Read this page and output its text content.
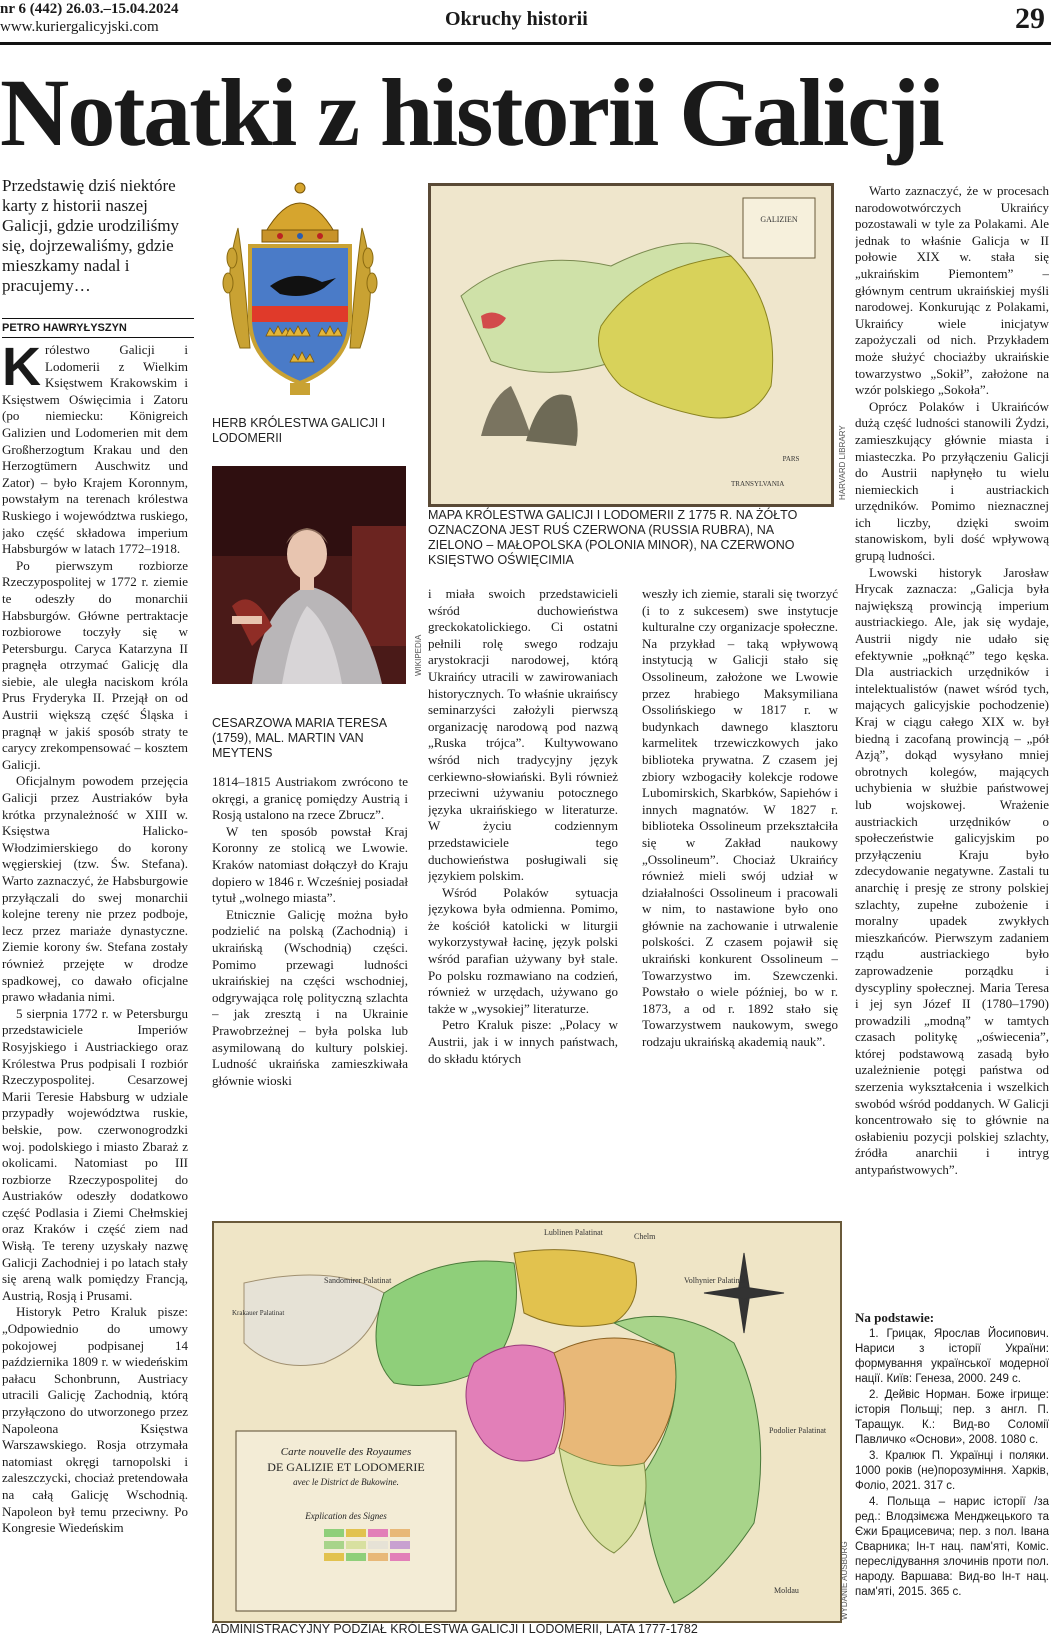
nr 6 (442) 26.03.–15.04.2024
www.kuriergalicyjski.com	Okruchy historii	29
Notatki z historii Galicji
Przedstawię dziś niektóre karty z historii naszej Galicji, gdzie urodziliśmy się, dojrzewaliśmy, gdzie mieszkamy nadal i pracujemy…
PETRO HAWRYŁYSZYN

Królestwo Galicji i Lodomerii z Wielkim Księstwem Krakowskim i Księstwem Oświęcimia i Zatoru (po niemiecku: Königreich Galizien und Lodomerien mit dem Großherzogtum Krakau und den Herzogtümern Auschwitz und Zator) – było Krajem Koronnym, powstałym na terenach królestwa Ruskiego i województwa ruskiego, jako część składowa imperium Habsburgów w latach 1772–1918.

Po pierwszym rozbiorze Rzeczypospolitej w 1772 r. ziemie te odeszły do monarchii Habsburgów. Główne pertraktacje rozbiorowe toczyły się w Petersburgu. Caryca Katarzyna II pragnęła otrzymać Galicję dla siebie, ale uległa naciskom króla Prus Fryderyka II. Przejął on od Austrii większą część Śląska i pragnął w jakiś sposób straty te carycy zrekompensować – kosztem Galicji.

Oficjalnym powodem przejęcia Galicji przez Austriaków była krótka przynależność w XIII w. Księstwa Halicko-Włodzimierskiego do korony węgierskiej (tzw. Św. Stefana). Warto zaznaczyć, że Habsburgowie przyłączali do swej monarchii kolejne tereny nie przez podboje, lecz przez mariaże dynastyczne. Ziemie korony św. Stefana zostały również przejęte w drodze spadkowej, co dawało oficjalne prawo władania nimi.

5 sierpnia 1772 r. w Petersburgu przedstawiciele Imperiów Rosyjskiego i Austriackiego oraz Królestwa Prus podpisali I rozbiór Rzeczypospolitej. Cesarzowej Marii Teresie Habsburg w udziale przypadły województwa ruskie, bełskie, pow. czerwonogrodzki woj. podolskiego i miasto Zbaraż z okolicami. Natomiast po III rozbiorze Rzeczypospolitej do Austriaków odeszły dodatkowo część Podlasia i Ziemi Chełmskiej oraz Kraków i część ziem nad Wisłą. Te tereny uzyskały nazwę Galicji Zachodniej i po latach stały się areną walk pomiędzy Francją, Austrią, Rosją i Prusami.

Historyk Petro Kraluk pisze: „Odpowiednio do umowy pokojowej podpisanej 14 października 1809 r. w wiedeńskim pałacu Schonbrunn, Austriacy utracili Galicję Zachodnią, którą przyłączono do utworzonego przez Napoleona Księstwa Warszawskiego. Rosja otrzymała natomiast okręgi tarnopolski i zaleszczycki, chociaż pretendowała na całą Galicję Wschodnią. Napoleon był temu przeciwny. Po Kongresie Wiedeńskim

HERB KRÓLESTWA GALICJI I LODOMERII
WIKIPEDIA
CESARZOWA MARIA TERESA (1759), MAL. MARTIN VAN MEYTENS

1814–1815 Austriakom zwrócono te okręgi, a granicę pomiędzy Austrią i Rosją ustalono na rzece Zbrucz”.

W ten sposób powstał Kraj Koronny ze stolicą we Lwowie. Kraków natomiast dołączył do Kraju dopiero w 1846 r. Wcześniej posiadał tytuł „wolnego miasta”.

Etnicznie Galicję można było podzielić na polską (Zachodnią) i ukraińską (Wschodnią) części. Pomimo przewagi ludności ukraińskiej na części wschodniej, odgrywająca rolę polityczną szlachta – jak zresztą i na Ukrainie Prawobrzeżnej – była polska lub asymilowaną do kultury polskiej. Ludność ukraińska zamieszkiwała głównie wioski

GALIZIEN
PARS
TRANSYLVANIA	HARVARD LIBRARY
MAPA KRÓLESTWA GALICJI I LODOMERII Z 1775 R. NA ŻÓŁTO OZNACZONA JEST RUŚ CZERWONA (RUSSIA RUBRA), NA ZIELONO – MAŁOPOLSKA (POLONIA MINOR), NA CZERWONO KSIĘSTWO OŚWIĘCIMIA

i miała swoich przedstawicieli wśród duchowieństwa greckokatolickiego. Ci ostatni pełnili rolę swego rodzaju arystokracji narodowej, którą Ukraińcy utracili w zawirowaniach historycznych. To właśnie ukraińscy seminarzyści założyli pierwszą organizację narodową pod nazwą „Ruska trójca”. Kultywowano wśród nich tradycyjny język cerkiewno-słowiański. Byli również przeciwni używaniu potocznego języka ukraińskiego w literaturze. W życiu codziennym przedstawiciele tego duchowieństwa posługiwali się językiem polskim.

Wśród Polaków sytuacja językowa była odmienna. Pomimo, że kościół katolicki w liturgii wykorzystywał łacinę, język polski wśród parafian używany był stale. Po polsku rozmawiano na codzień, również w urzędach, używano go także w „wysokiej” literaturze.

Petro Kraluk pisze: „Polacy w Austrii, jak i w innych państwach, do składu których

weszły ich ziemie, starali się tworzyć (i to z sukcesem) swe instytucje kulturalne czy organizacje społeczne. Na przykład – taką wpływową instytucją w Galicji stało się Ossolineum, założone we Lwowie przez hrabiego Maksymiliana Ossolińskiego w 1817 r. w budynkach dawnego klasztoru karmelitek trzewiczkowych jako biblioteka prywatna. Z czasem jej zbiory wzbogaciły kolekcje rodowe Lubomirskich, Skarbków, Sapiehów i innych magnatów. W 1827 r. biblioteka Ossolineum przekształciła się w Zakład naukowy „Ossolineum”. Chociaż Ukraińcy również mieli swój udział w działalności Ossolineum i pracowali w nim, to nastawione było ono głównie na zachowanie i utrwalenie polskości. Z czasem pojawił się ukraiński konkurent Ossolineum – Towarzystwo im. Szewczenki. Powstało o wiele później, bo w r. 1873, a od r. 1892 stało się Towarzystwem naukowym, swego rodzaju ukraińską akademią nauk”.

Warto zaznaczyć, że w procesach narodowotwórczych Ukraińcy pozostawali w tyle za Polakami. Ale jednak to właśnie Galicja w II połowie XIX w. stała się „ukraińskim Piemontem” – głównym centrum ukraińskiej myśli narodowej. Konkurując z Polakami, Ukraińcy wiele inicjatyw zapożyczali od nich. Przykładem może służyć chociażby ukraińskie towarzystwo „Sokił”, założone na wzór polskiego „Sokoła”.

Oprócz Polaków i Ukraińców dużą część ludności stanowili Żydzi, zamieszkujący głównie miasta i miasteczka. Po przyłączeniu Galicji do Austrii napłynęło tu wielu niemieckich i austriackich urzędników. Pomimo nieznacznej ich liczby, dzięki swoim stanowiskom, byli dość wpływową grupą ludności.

Lwowski historyk Jarosław Hrycak zaznacza: „Galicja była największą prowincją imperium austriackiego. Ale, jak się wydaje, Austrii nigdy nie udało się efektywnie „połknąć” tego kęska. Dla austriackich urzędników i intelektualistów (nawet wśród tych, mających galicyjskie pochodzenie) Kraj w ciągu całego XIX w. był biedną i zacofaną prowincją – „pół Azją”, dokąd wysyłano mniej obrotnych kolegów, mających uchybienia w służbie państwowej lub wojskowej. Wrażenie austriackich urzędników o społeczeństwie galicyjskim po przyłączeniu Kraju było zdecydowanie negatywne. Zastali tu anarchię i presję ze strony polskiej szlachty, zupełne zubożenie i moralny upadek zwykłych mieszkańców. Pierwszym zadaniem rządu austriackiego było zaprowadzenie porządku i dyscypliny społecznej. Maria Teresa i jej syn Józef II (1780–1790) prowadzili „modną” w tamtych czasach politykę „oświecenia”, której podstawową zasadą było uzależnienie potęgi państwa od szerzenia wykształcenia i wszelkich swobód wśród poddanych. W Galicji koncentrowało się to głównie na osłabieniu pozycji polskiej szlachty, źródła anarchii i intryg antypaństwowych”.

Na podstawie:
1. Грицак, Ярослав Йосипович. Нариси з історії України: формування української модерної нації. Київ: Генеза, 2000. 249 с.
2. Дейвіс Норман. Боже ігрище: історія Польщі; пер. з англ. П. Таращук. К.: Вид-во Соломії Павличко «Основи», 2008. 1080 с.
3. Кралюк П. Українці і поляки. 1000 років (не)порозуміння. Харків, Фоліо, 2021. 317 с.
4. Польща – нарис історії /за ред.: Влодзімєжа Менджецького та Єжи Брацисевича; пер. з пол. Івана Сварника; Ін-т нац. пам'яті, Коміс. переслідування злочинів проти пол. народу. Варшава: Вид-во Ін-т нац. пам'яті, 2015. 365 с.
Carte nouvelle des Royaumes
DE GALIZIE ET LODOMERIE
avec le District de Bukowine.
Explication des Signes
Lublinen Palatinat	Chelm
Sandomirer Palatinat
Krakauer Palatinat
Volhynier Palatinat
Podolier Palatinat
Moldau	WYDANIE AUSBURG
ADMINISTRACYJNY PODZIAŁ KRÓLESTWA GALICJI I LODOMERII, LATA 1777-1782
